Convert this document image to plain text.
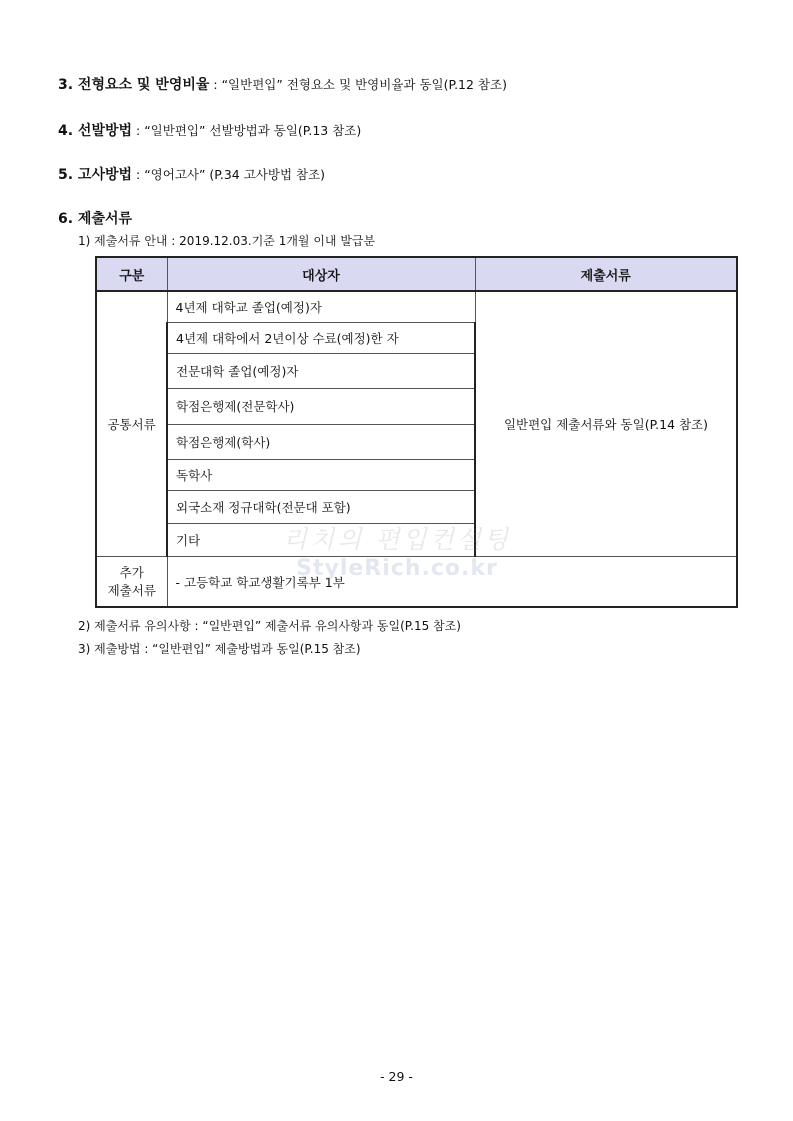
3. 전형요소 및 반영비율 : “일반편입” 전형요소 및 반영비율과 동일(P.12 참조)
4. 선발방법 : “일반편입” 선발방법과 동일(P.13 참조)
5. 고사방법 : “영어고사” (P.34 고사방법 참조)
6. 제출서류
1) 제출서류 안내 : 2019.12.03.기준 1개월 이내 발급분
구분	대상자	제출서류
공통서류	4년제 대학교 졸업(예정)자	일반편입 제출서류와 동일(P.14 참조)
	4년제 대학에서 2년이상 수료(예정)한 자	
	전문대학 졸업(예정)자	
	학점은행제(전문학사)	
	학점은행제(학사)	
	독학사	
	외국소재 정규대학(전문대 포함)	
	기타	

추가
제출서류	- 고등학교 학교생활기록부 1부	
리치의 편입컨설팅
StyleRich.co.kr
2) 제출서류 유의사항 : “일반편입” 제출서류 유의사항과 동일(P.15 참조)
3) 제출방법 : “일반편입” 제출방법과 동일(P.15 참조)
- 29 -
